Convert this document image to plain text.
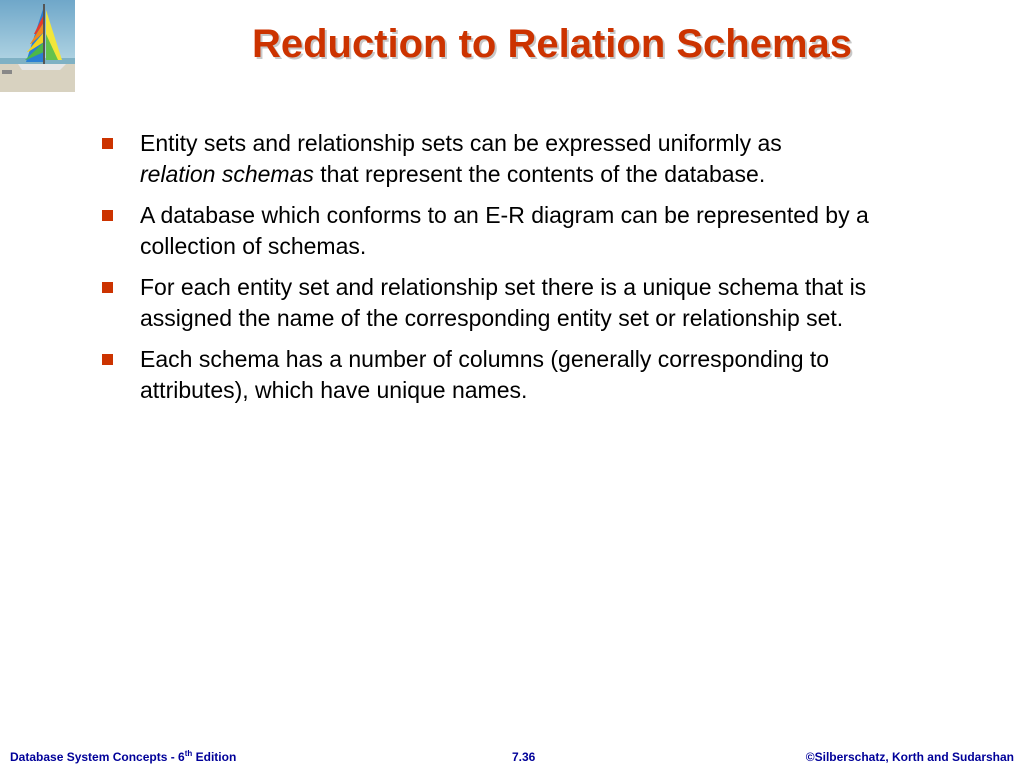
Reduction to Relation Schemas
Entity sets and relationship sets can be expressed uniformly as
relation schemas that represent the contents of the database.
A database which conforms to an E-R diagram can be represented by a collection of schemas.
For each entity set and relationship set there is a unique schema that is assigned the name of the corresponding entity set or relationship set.
Each schema has a number of columns (generally corresponding to attributes), which have unique names.
Database System Concepts - 6th Edition	7.36	©Silberschatz, Korth and Sudarshan
